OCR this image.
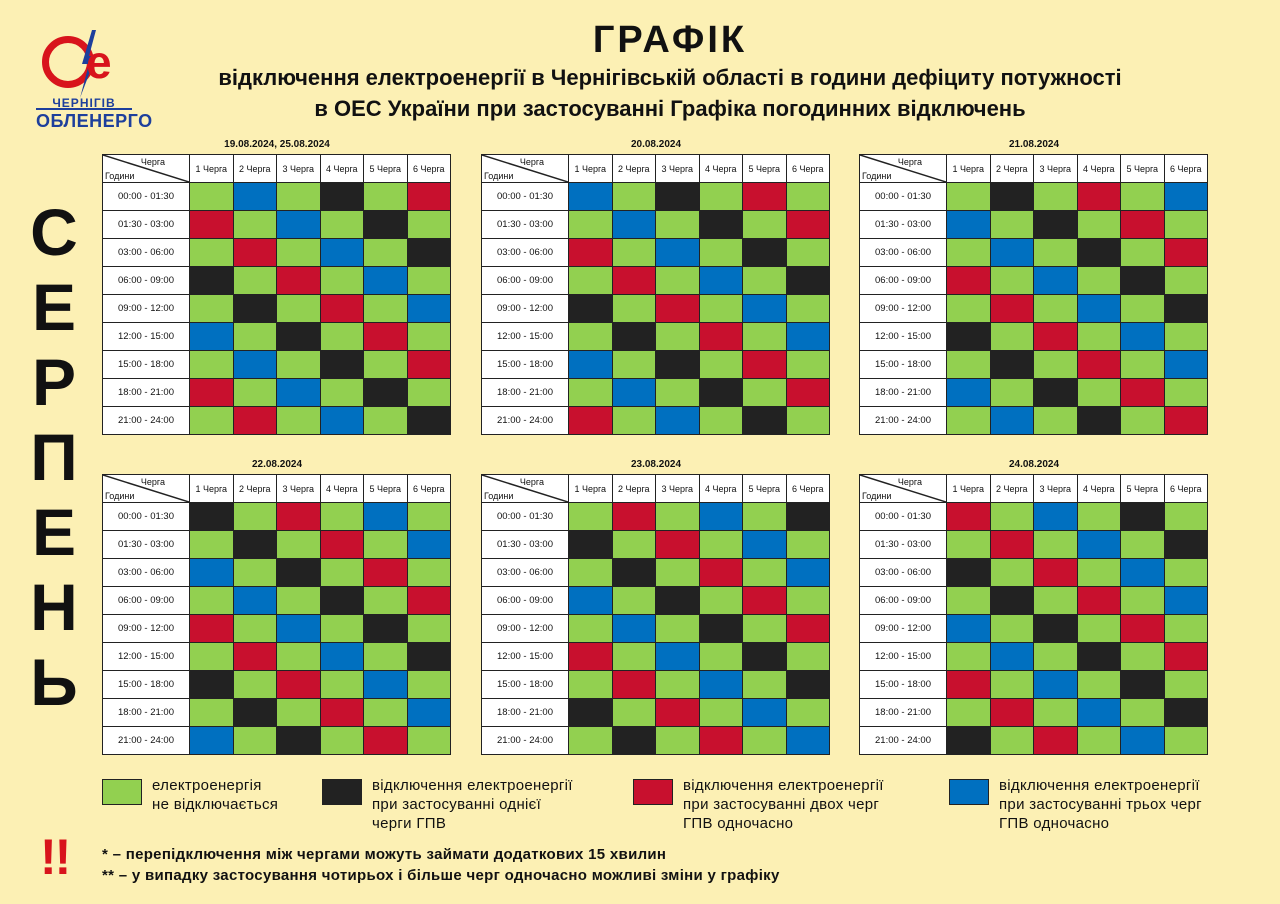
е
ЧЕРНІГІВ
ОБЛЕНЕРГО
ГРАФІК
відключення електроенергії в Чернігівській області в години дефіциту потужності
в ОЕС України при застосуванні Графіка погодинних відключень
С
Е
Р
П
Е
Н
Ь
19.08.2024, 25.08.2024
Черга
Години	1 Черга	2 Черга	3 Черга	4 Черга	5 Черга	6 Черга
00:00 - 01:30						
01:30 - 03:00						
03:00 - 06:00						
06:00 - 09:00						
09:00 - 12:00						
12:00 - 15:00						
15:00 - 18:00						
18:00 - 21:00						
21:00 - 24:00						
20.08.2024
Черга
Години	1 Черга	2 Черга	3 Черга	4 Черга	5 Черга	6 Черга
00:00 - 01:30						
01:30 - 03:00						
03:00 - 06:00						
06:00 - 09:00						
09:00 - 12:00						
12:00 - 15:00						
15:00 - 18:00						
18:00 - 21:00						
21:00 - 24:00						
21.08.2024
Черга
Години	1 Черга	2 Черга	3 Черга	4 Черга	5 Черга	6 Черга
00:00 - 01:30						
01:30 - 03:00						
03:00 - 06:00						
06:00 - 09:00						
09:00 - 12:00						
12:00 - 15:00						
15:00 - 18:00						
18:00 - 21:00						
21:00 - 24:00						
22.08.2024
Черга
Години	1 Черга	2 Черга	3 Черга	4 Черга	5 Черга	6 Черга
00:00 - 01:30						
01:30 - 03:00						
03:00 - 06:00						
06:00 - 09:00						
09:00 - 12:00						
12:00 - 15:00						
15:00 - 18:00						
18:00 - 21:00						
21:00 - 24:00						
23.08.2024
Черга
Години	1 Черга	2 Черга	3 Черга	4 Черга	5 Черга	6 Черга
00:00 - 01:30						
01:30 - 03:00						
03:00 - 06:00						
06:00 - 09:00						
09:00 - 12:00						
12:00 - 15:00						
15:00 - 18:00						
18:00 - 21:00						
21:00 - 24:00						
24.08.2024
Черга
Години	1 Черга	2 Черга	3 Черга	4 Черга	5 Черга	6 Черга
00:00 - 01:30						
01:30 - 03:00						
03:00 - 06:00						
06:00 - 09:00						
09:00 - 12:00						
12:00 - 15:00						
15:00 - 18:00						
18:00 - 21:00						
21:00 - 24:00						
електроенергія
не відключається
відключення електроенергії
при застосуванні однієї
черги ГПВ
відключення електроенергії
при застосуванні двох черг
ГПВ одночасно
відключення електроенергії
при застосуванні трьох черг
ГПВ одночасно
!! * – перепідключення між чергами можуть займати додаткових 15 хвилин
** – у випадку застосування чотирьох і більше черг одночасно можливі зміни у графіку
